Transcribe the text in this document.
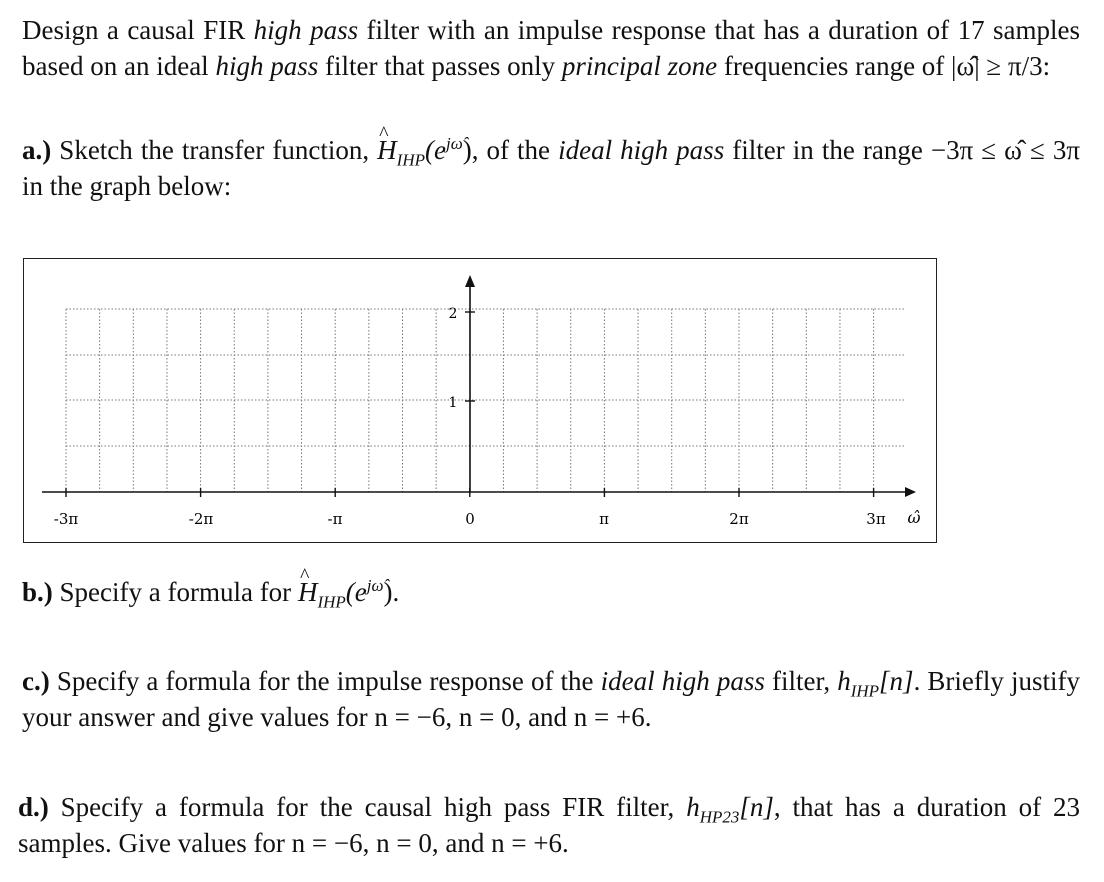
Design a causal FIR high pass filter with an impulse response that has a duration of 17 samples based on an ideal high pass filter that passes only principal zone frequencies range of |ω̂| ≥ π/3:
a.) Sketch the transfer function, ^ $H_{IHP}(e^{j\omegâ})$, of the ideal high pass filter in the range −3π ≤ ω̂ ≤ 3π in the graph below:
2
1
-3π	-2π	-π	0	π	2π	3π ω̂
b.) Specify a formula for ^ $H_{IHP}(e^{j\omegâ})$.
c.) Specify a formula for the impulse response of the ideal high pass filter, $h_{IHP}[n]$. Briefly justify your answer and give values for n = −6, n = 0, and n = +6.
d.) Specify a formula for the causal high pass FIR filter, $h_{HP23}[n]$, that has a duration of 23 samples. Give values for n = −6, n = 0, and n = +6.
